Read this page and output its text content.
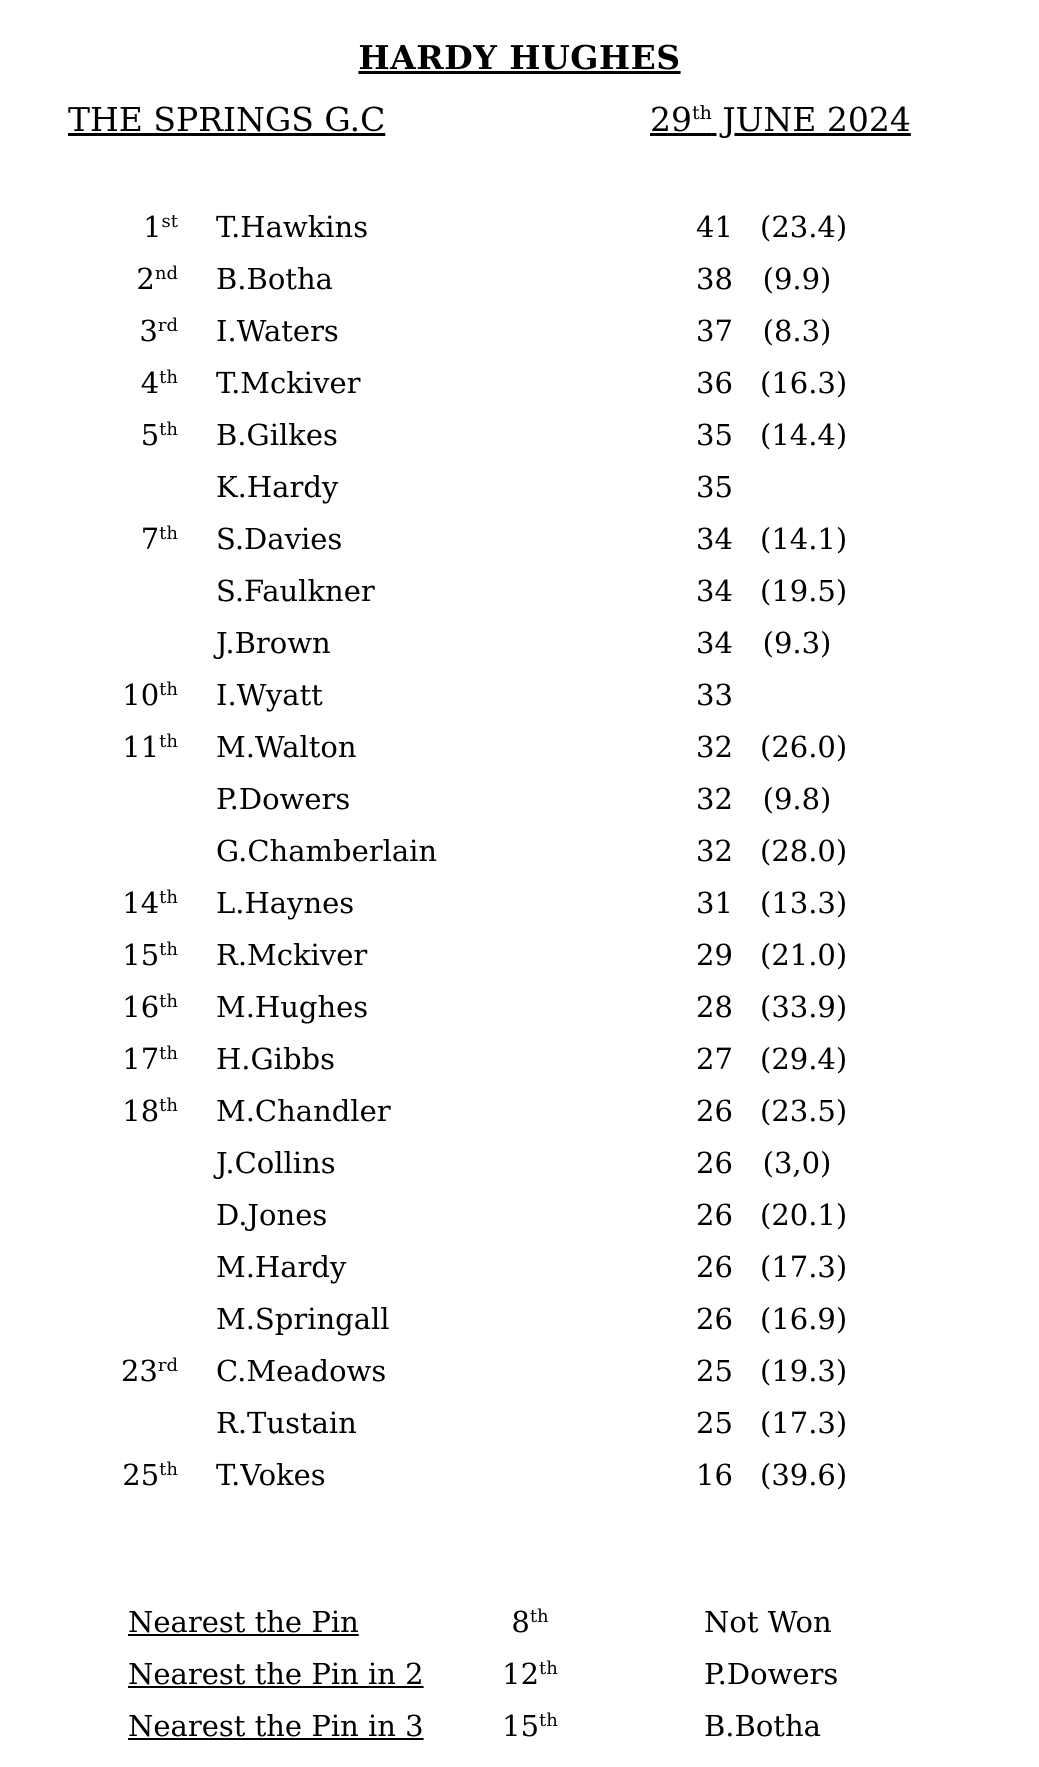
HARDY HUGHES
THE SPRINGS G.C	29th JUNE 2024
1st T.Hawkins	41 (23.4)
2nd B.Botha	38 (9.9)
3rd I.Waters	37 (8.3)
4th T.Mckiver	36 (16.3)
5th B.Gilkes	35 (14.4)
K.Hardy	35
7th S.Davies	34 (14.1)
S.Faulkner	34 (19.5)
J.Brown	34 (9.3)
10th I.Wyatt	33
11th M.Walton	32 (26.0)
P.Dowers	32 (9.8)
G.Chamberlain	32 (28.0)
14th L.Haynes	31 (13.3)
15th R.Mckiver	29 (21.0)
16th M.Hughes	28 (33.9)
17th H.Gibbs	27 (29.4)
18th M.Chandler	26 (23.5)
J.Collins	26 (3,0)
D.Jones	26 (20.1)
M.Hardy	26 (17.3)
M.Springall	26 (16.9)
23rd C.Meadows	25 (19.3)
R.Tustain	25 (17.3)
25th T.Vokes	16 (39.6)
Nearest the Pin	8th	Not Won
Nearest the Pin in 2	12th	P.Dowers
Nearest the Pin in 3	15th	B.Botha
